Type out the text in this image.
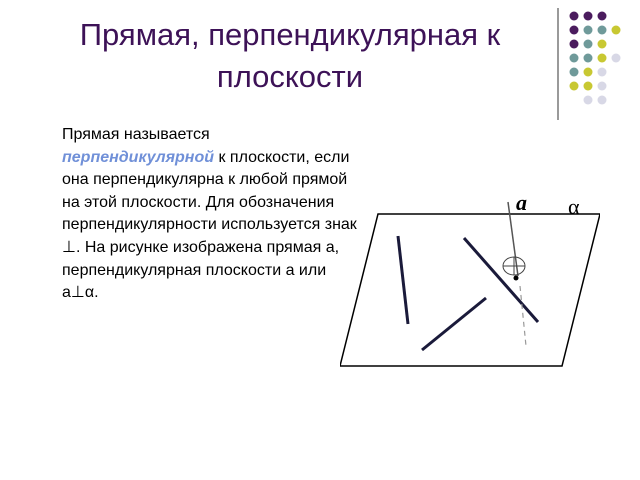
Прямая, перпендикулярная к
плоскости
Прямая называется перпендикулярной к плоскости, если она перпендикулярна к любой прямой на этой плоскости. Для обозначения перпендикулярности используется знак ⊥. На рисунке изображена прямая а, перпендикулярная плоскости а или а⊥α.
a α
